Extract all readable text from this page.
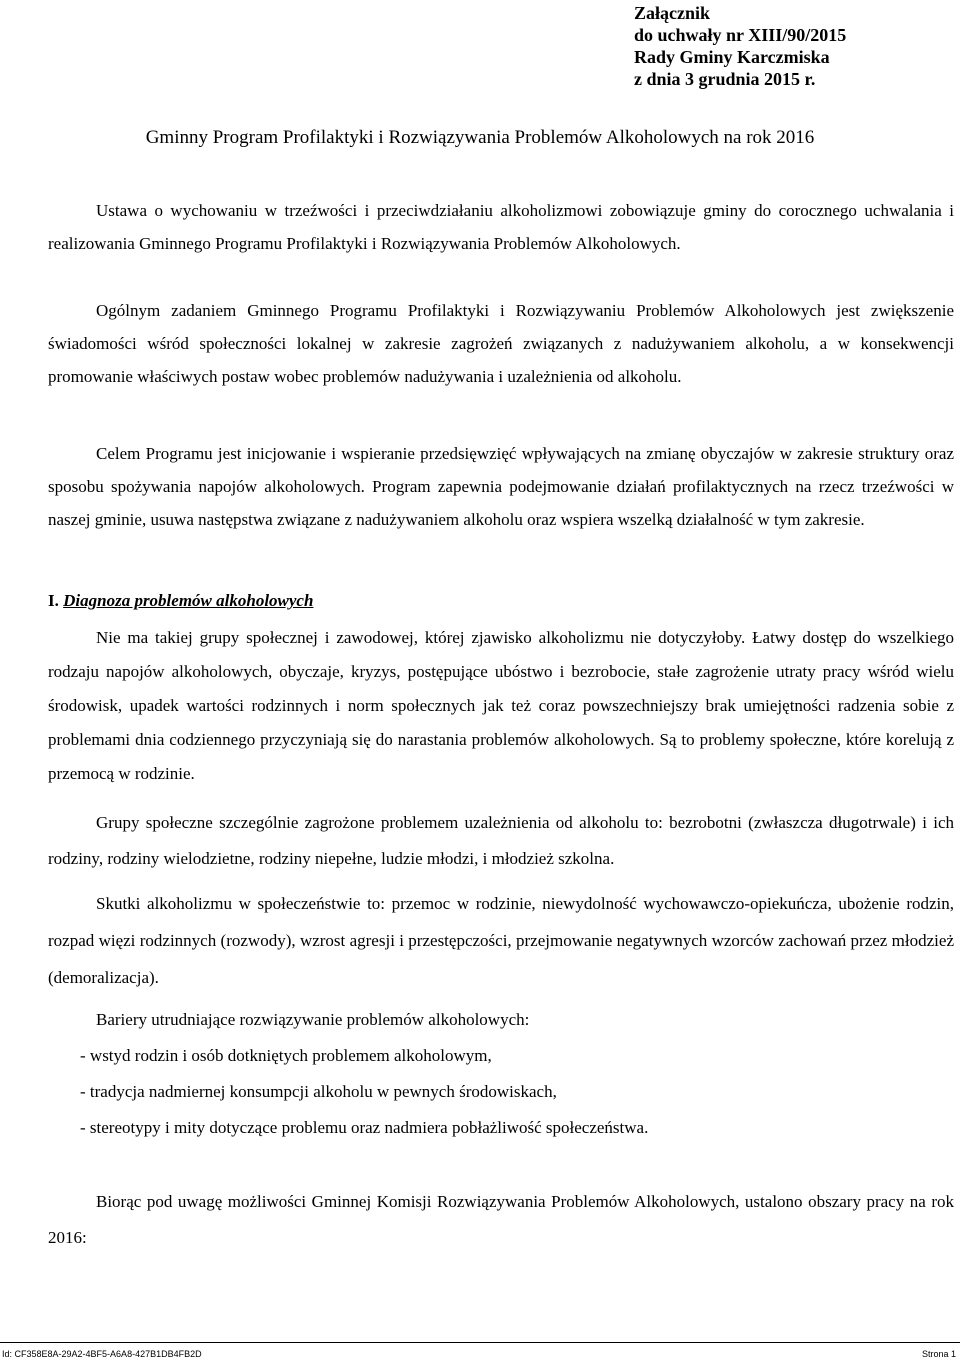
Załącznik
do uchwały nr XIII/90/2015
Rady Gminy Karczmiska
z dnia 3 grudnia 2015 r.
Gminny Program Profilaktyki i Rozwiązywania Problemów Alkoholowych na rok 2016
Ustawa o wychowaniu w trzeźwości i przeciwdziałaniu alkoholizmowi zobowiązuje gminy do corocznego uchwalania i realizowania Gminnego Programu Profilaktyki i Rozwiązywania Problemów Alkoholowych.
Ogólnym zadaniem Gminnego Programu Profilaktyki i Rozwiązywaniu Problemów Alkoholowych jest zwiększenie świadomości wśród społeczności lokalnej w zakresie zagrożeń związanych z nadużywaniem alkoholu, a w konsekwencji promowanie właściwych postaw wobec problemów nadużywania i uzależnienia od alkoholu.
Celem Programu jest inicjowanie i wspieranie przedsięwzięć wpływających na zmianę obyczajów w zakresie struktury oraz sposobu spożywania napojów alkoholowych. Program zapewnia podejmowanie działań profilaktycznych na rzecz trzeźwości w naszej gminie, usuwa następstwa związane z nadużywaniem alkoholu oraz wspiera wszelką działalność w tym zakresie.
I. Diagnoza problemów alkoholowych
Nie ma takiej grupy społecznej i zawodowej, której zjawisko alkoholizmu nie dotyczyłoby. Łatwy dostęp do wszelkiego rodzaju napojów alkoholowych, obyczaje, kryzys, postępujące ubóstwo i bezrobocie, stałe zagrożenie utraty pracy wśród wielu środowisk, upadek wartości rodzinnych i norm społecznych jak też coraz powszechniejszy brak umiejętności radzenia sobie z problemami dnia codziennego przyczyniają się do narastania problemów alkoholowych. Są to problemy społeczne, które korelują z przemocą w rodzinie.
Grupy społeczne szczególnie zagrożone problemem uzależnienia od alkoholu to: bezrobotni (zwłaszcza długotrwale) i ich rodziny, rodziny wielodzietne, rodziny niepełne, ludzie młodzi, i młodzież szkolna.
Skutki alkoholizmu w społeczeństwie to: przemoc w rodzinie, niewydolność wychowawczo-opiekuńcza, ubożenie rodzin, rozpad więzi rodzinnych (rozwody), wzrost agresji i przestępczości, przejmowanie negatywnych wzorców zachowań przez młodzież (demoralizacja).
Bariery utrudniające rozwiązywanie problemów alkoholowych:
- wstyd rodzin i osób dotkniętych problemem alkoholowym,
- tradycja nadmiernej konsumpcji alkoholu w pewnych środowiskach,
- stereotypy i mity dotyczące problemu oraz nadmiera pobłażliwość społeczeństwa.
Biorąc pod uwagę możliwości Gminnej Komisji Rozwiązywania Problemów Alkoholowych, ustalono obszary pracy na rok 2016:
Id: CF358E8A-29A2-4BF5-A6A8-427B1DB4FB2D	Strona 1
